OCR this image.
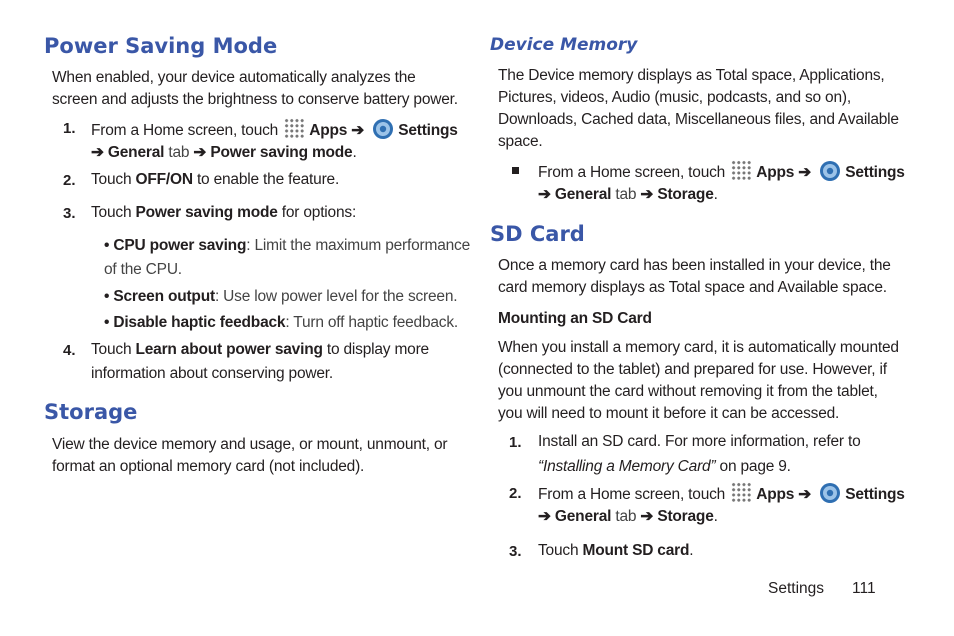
Power Saving Mode
When enabled, your device automatically analyzes the
screen and adjusts the brightness to conserve battery power.
1. From a Home screen, touch Apps ➔ Settings
➔ General tab ➔ Power saving mode.
2. Touch OFF/ON to enable the feature.
3. Touch Power saving mode for options:
• CPU power saving: Limit the maximum performance
of the CPU.
• Screen output: Use low power level for the screen.
• Disable haptic feedback: Turn off haptic feedback.
4. Touch Learn about power saving to display more
information about conserving power.
Storage
View the device memory and usage, or mount, unmount, or
format an optional memory card (not included).
Device Memory
The Device memory displays as Total space, Applications,
Pictures, videos, Audio (music, podcasts, and so on),
Downloads, Cached data, Miscellaneous files, and Available
space.
From a Home screen, touch Apps ➔ Settings
➔ General tab ➔ Storage.
SD Card
Once a memory card has been installed in your device, the
card memory displays as Total space and Available space.
Mounting an SD Card
When you install a memory card, it is automatically mounted
(connected to the tablet) and prepared for use. However, if
you unmount the card without removing it from the tablet,
you will need to mount it before it can be accessed.
1. Install an SD card. For more information, refer to
“Installing a Memory Card” on page 9.
2. From a Home screen, touch Apps ➔ Settings
➔ General tab ➔ Storage.
3. Touch Mount SD card.
Settings 111
